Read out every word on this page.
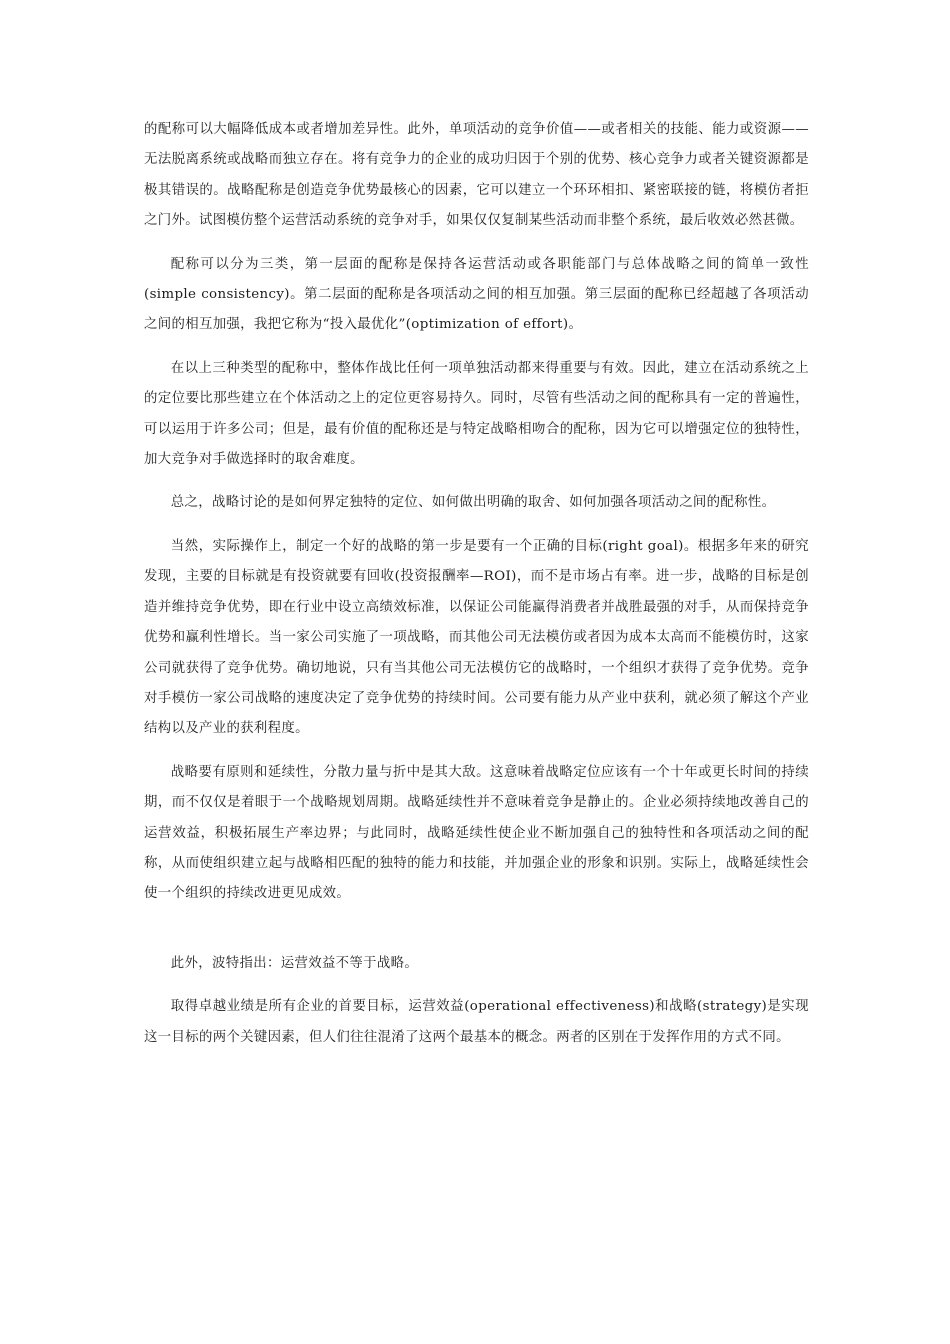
的配称可以大幅降低成本或者增加差异性。此外，单项活动的竞争价值——或者相关的技能、能力或资源——无法脱离系统或战略而独立存在。将有竞争力的企业的成功归因于个别的优势、核心竞争力或者关键资源都是极其错误的。战略配称是创造竞争优势最核心的因素，它可以建立一个环环相扣、紧密联接的链，将模仿者拒之门外。试图模仿整个运营活动系统的竞争对手，如果仅仅复制某些活动而非整个系统，最后收效必然甚微。

配称可以分为三类，第一层面的配称是保持各运营活动或各职能部门与总体战略之间的简单一致性(simple consistency)。第二层面的配称是各项活动之间的相互加强。第三层面的配称已经超越了各项活动之间的相互加强，我把它称为“投入最优化”(optimization of effort)。

在以上三种类型的配称中，整体作战比任何一项单独活动都来得重要与有效。因此，建立在活动系统之上的定位要比那些建立在个体活动之上的定位更容易持久。同时，尽管有些活动之间的配称具有一定的普遍性，可以运用于许多公司；但是，最有价值的配称还是与特定战略相吻合的配称，因为它可以增强定位的独特性，加大竞争对手做选择时的取舍难度。

总之，战略讨论的是如何界定独特的定位、如何做出明确的取舍、如何加强各项活动之间的配称性。

当然，实际操作上，制定一个好的战略的第一步是要有一个正确的目标(right goal)。根据多年来的研究发现，主要的目标就是有投资就要有回收(投资报酬率—ROI)，而不是市场占有率。进一步，战略的目标是创造并维持竞争优势，即在行业中设立高绩效标准，以保证公司能赢得消费者并战胜最强的对手，从而保持竞争优势和赢利性增长。当一家公司实施了一项战略，而其他公司无法模仿或者因为成本太高而不能模仿时，这家公司就获得了竞争优势。确切地说，只有当其他公司无法模仿它的战略时，一个组织才获得了竞争优势。竞争对手模仿一家公司战略的速度决定了竞争优势的持续时间。公司要有能力从产业中获利，就必须了解这个产业结构以及产业的获利程度。

战略要有原则和延续性，分散力量与折中是其大敌。这意味着战略定位应该有一个十年或更长时间的持续期，而不仅仅是着眼于一个战略规划周期。战略延续性并不意味着竞争是静止的。企业必须持续地改善自己的运营效益，积极拓展生产率边界；与此同时，战略延续性使企业不断加强自己的独特性和各项活动之间的配称，从而使组织建立起与战略相匹配的独特的能力和技能，并加强企业的形象和识别。实际上，战略延续性会使一个组织的持续改进更见成效。

此外，波特指出：运营效益不等于战略。

取得卓越业绩是所有企业的首要目标，运营效益(operational effectiveness)和战略(strategy)是实现这一目标的两个关键因素，但人们往往混淆了这两个最基本的概念。两者的区别在于发挥作用的方式不同。
